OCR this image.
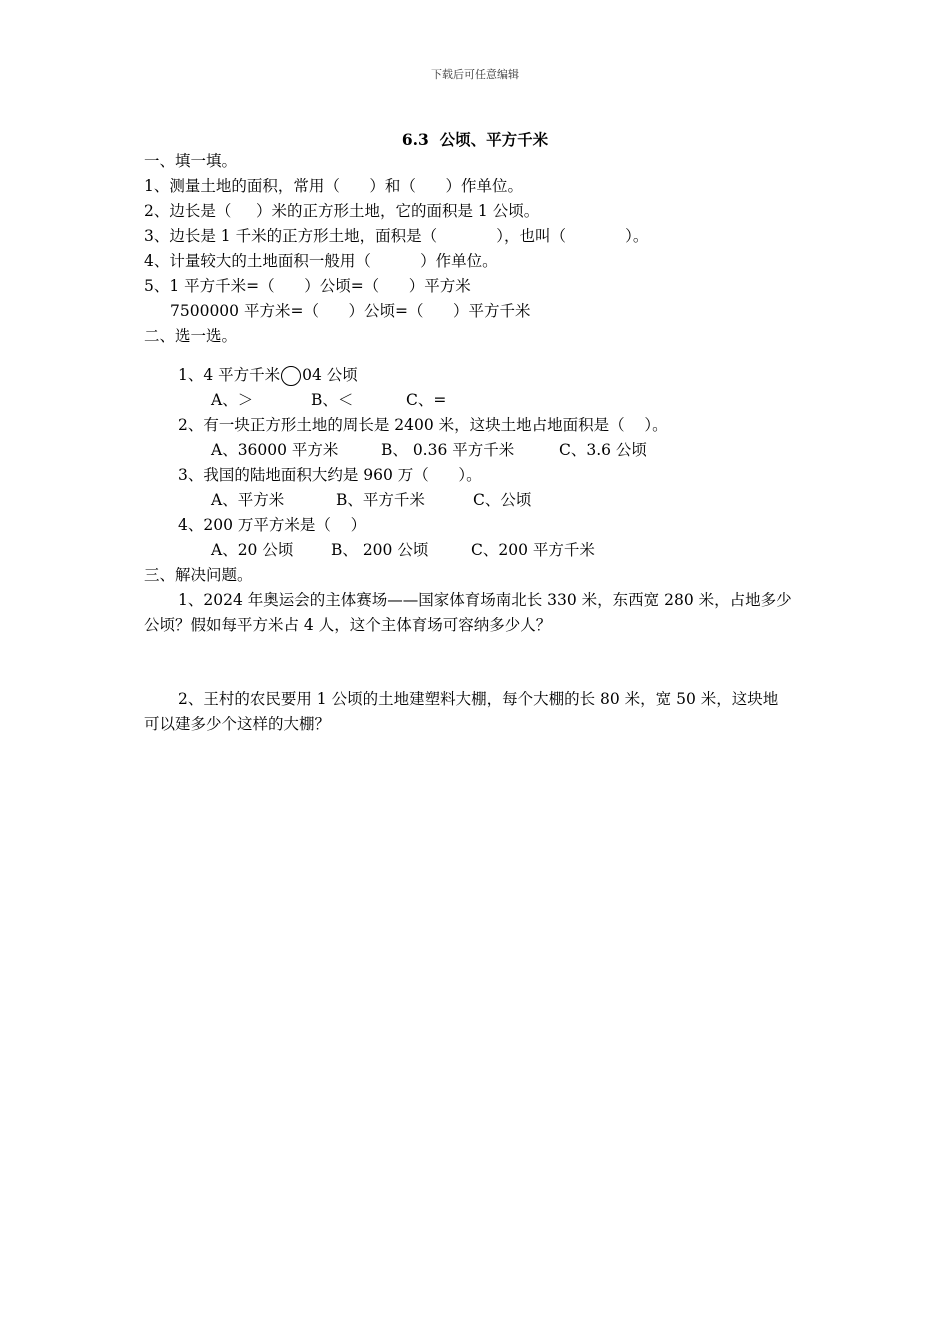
下载后可任意编辑
6.3  公顷、平方千米
一、填一填。
1、测量土地的面积，常用（      ）和（      ）作单位。
2、边长是（     ）米的正方形土地，它的面积是 1 公顷。
3、边长是 1 千米的正方形土地，面积是（            ），也叫（            ）。
4、计量较大的土地面积一般用（          ）作单位。
5、1 平方千米=（      ）公顷=（      ）平方米
7500000 平方米=（      ）公顷=（      ）平方千米
二、选一选。
1、4 平方千米 04 公顷
A、＞	B、＜	C、=
2、有一块正方形土地的周长是 2400 米，这块土地占地面积是（    ）。
A、36000 平方米	B、 0.36 平方千米	C、3.6 公顷
3、我国的陆地面积大约是 960 万（      ）。
A、平方米	B、平方千米	C、公顷
4、200 万平方米是（    ）
A、20 公顷 B、 200 公顷	C、200 平方千米
三、解决问题。
1、2024 年奥运会的主体赛场——国家体育场南北长 330 米，东西宽 280 米，占地多少
公顷？假如每平方米占 4 人，这个主体育场可容纳多少人？
2、王村的农民要用 1 公顷的土地建塑料大棚，每个大棚的长 80 米，宽 50 米，这块地
可以建多少个这样的大棚？
